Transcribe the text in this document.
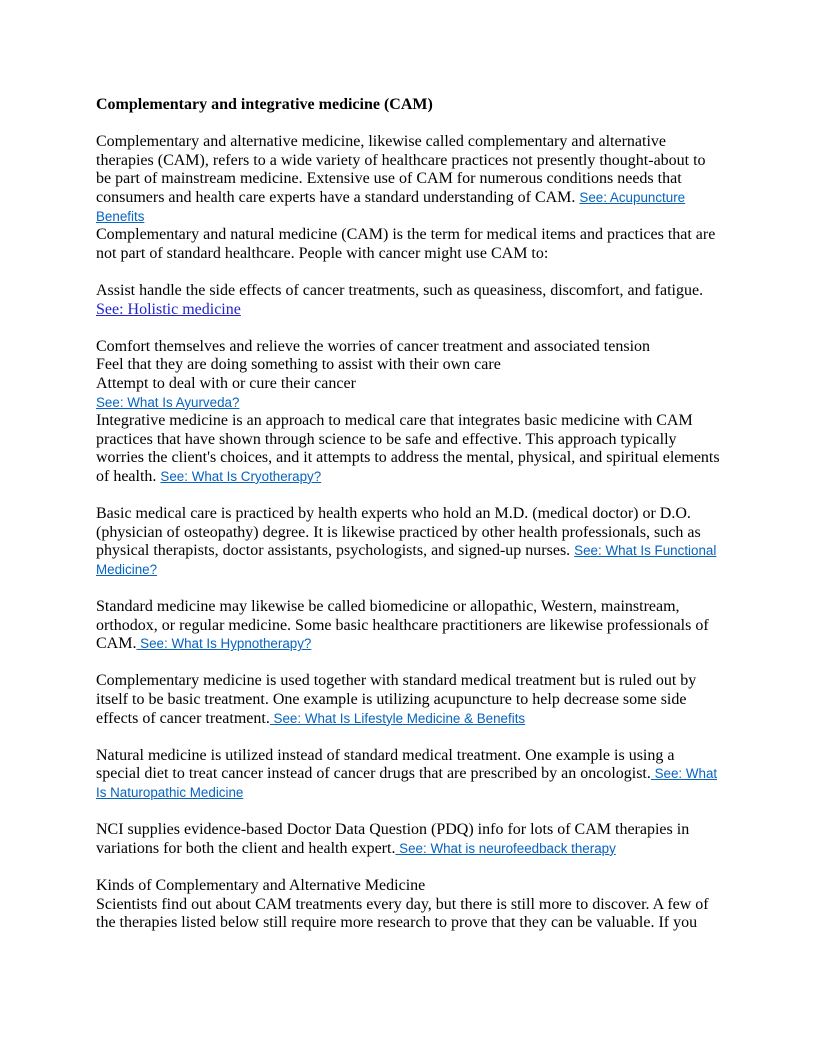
Complementary and integrative medicine (CAM)

Complementary and alternative medicine, likewise called complementary and alternative therapies (CAM), refers to a wide variety of healthcare practices not presently thought-about to be part of mainstream medicine. Extensive use of CAM for numerous conditions needs that consumers and health care experts have a standard understanding of CAM. See: Acupuncture Benefits

Complementary and natural medicine (CAM) is the term for medical items and practices that are not part of standard healthcare. People with cancer might use CAM to:

Assist handle the side effects of cancer treatments, such as queasiness, discomfort, and fatigue. See: Holistic medicine

Comfort themselves and relieve the worries of cancer treatment and associated tension

Feel that they are doing something to assist with their own care

Attempt to deal with or cure their cancer

See: What Is Ayurveda?

Integrative medicine is an approach to medical care that integrates basic medicine with CAM practices that have shown through science to be safe and effective. This approach typically worries the client's choices, and it attempts to address the mental, physical, and spiritual elements of health. See: What Is Cryotherapy?

Basic medical care is practiced by health experts who hold an M.D. (medical doctor) or D.O. (physician of osteopathy) degree. It is likewise practiced by other health professionals, such as physical therapists, doctor assistants, psychologists, and signed-up nurses. See: What Is Functional Medicine?

Standard medicine may likewise be called biomedicine or allopathic, Western, mainstream, orthodox, or regular medicine. Some basic healthcare practitioners are likewise professionals of CAM. See: What Is Hypnotherapy?

Complementary medicine is used together with standard medical treatment but is ruled out by itself to be basic treatment. One example is utilizing acupuncture to help decrease some side effects of cancer treatment. See: What Is Lifestyle Medicine & Benefits

Natural medicine is utilized instead of standard medical treatment. One example is using a special diet to treat cancer instead of cancer drugs that are prescribed by an oncologist. See: What Is Naturopathic Medicine

NCI supplies evidence-based Doctor Data Question (PDQ) info for lots of CAM therapies in variations for both the client and health expert. See: What is neurofeedback therapy

Kinds of Complementary and Alternative Medicine

Scientists find out about CAM treatments every day, but there is still more to discover. A few of the therapies listed below still require more research to prove that they can be valuable. If you
